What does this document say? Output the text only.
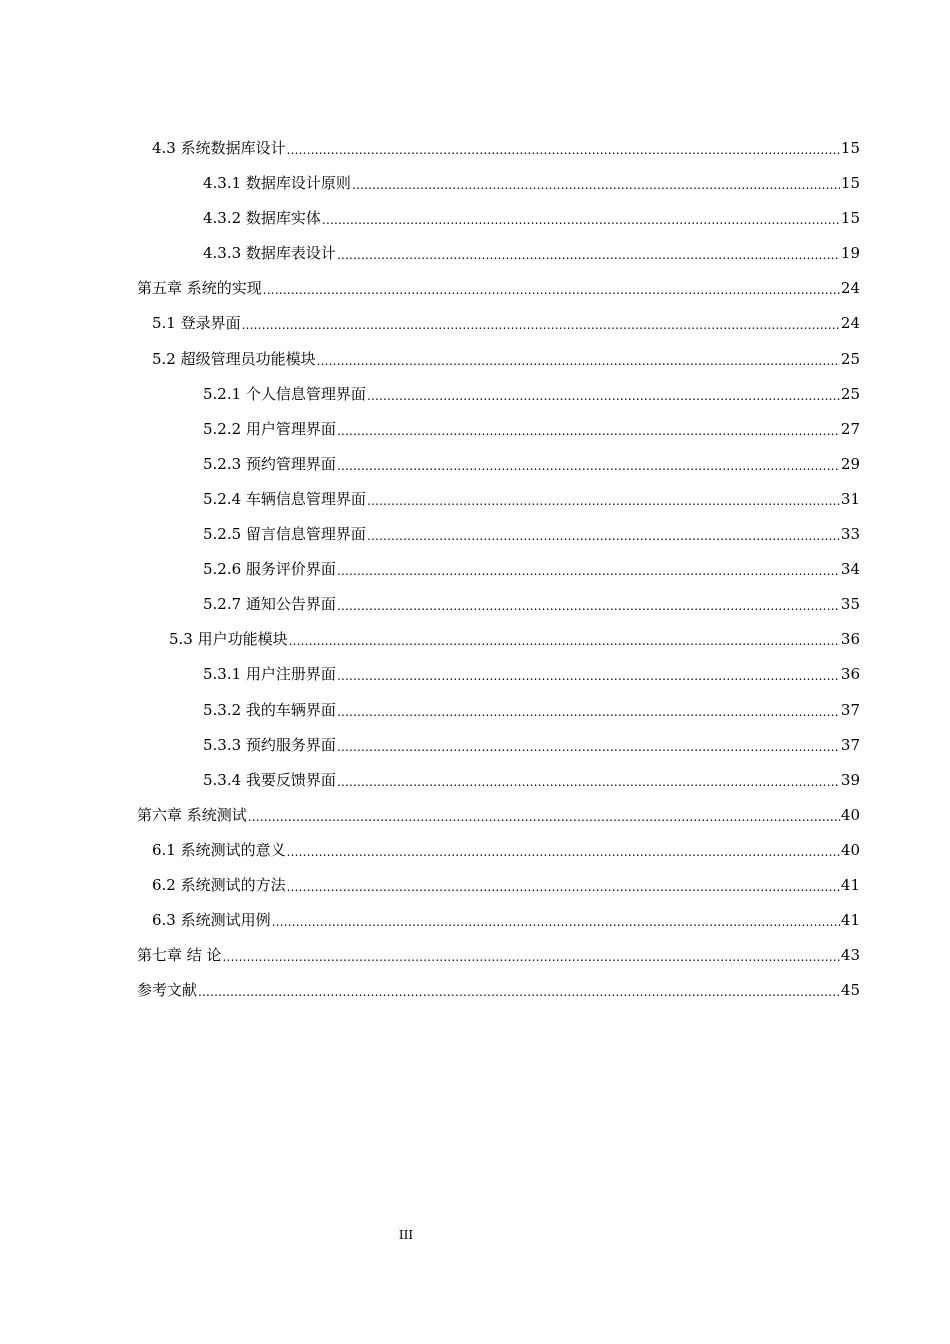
4.3 系统数据库设计 .....	15
4.3.1 数据库设计原则 .....	15
4.3.2 数据库实体 .....	15
4.3.3 数据库表设计 .....	19
第五章 系统的实现 .....	24
5.1 登录界面 .....	24
5.2 超级管理员功能模块 .....	25
5.2.1 个人信息管理界面 .....	25
5.2.2 用户管理界面 .....	27
5.2.3 预约管理界面 .....	29
5.2.4 车辆信息管理界面 .....	31
5.2.5 留言信息管理界面 .....	33
5.2.6 服务评价界面 .....	34
5.2.7 通知公告界面 .....	35
5.3 用户功能模块 .....	36
5.3.1 用户注册界面 .....	36
5.3.2 我的车辆界面 .....	37
5.3.3 预约服务界面 .....	37
5.3.4 我要反馈界面 .....	39
第六章 系统测试 .....	40
6.1 系统测试的意义 .....	40
6.2 系统测试的方法 .....	41
6.3 系统测试用例 .....	41
第七章 结 论 .....	43
参考文献 .....	45
III
